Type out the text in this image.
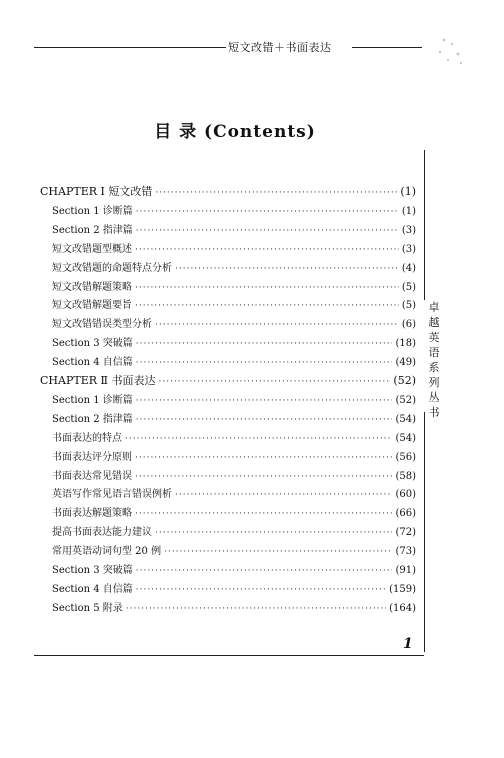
短文改错＋书面表达
目 录 (Contents)
CHAPTER Ⅰ 短文改错 ·····	(1)
Section 1 诊断篇 ·····	(1)
Section 2 指津篇 ·····	(3)
短文改错题型概述 ·····	(3)
短文改错题的命题特点分析 ·····	(4)
短文改错解题策略 ·····	(5)
短文改错解题要旨 ·····	(5)
短文改错错误类型分析 ·····	(6)
Section 3 突破篇 ·····	(18)
Section 4 自信篇 ·····	(49)
CHAPTER Ⅱ 书面表达 ·····	(52)
Section 1 诊断篇 ·····	(52)
Section 2 指津篇 ·····	(54)
书面表达的特点 ·····	(54)
书面表达评分原则 ·····	(56)
书面表达常见错误 ·····	(58)
英语写作常见语言错误例析 ·····	(60)
书面表达解题策略 ·····	(66)
提高书面表达能力建议 ·····	(72)
常用英语动词句型 20 例 ·····	(73)
Section 3 突破篇 ·····	(91)
Section 4 自信篇 ·····	(159)
Section 5 附录 ·····	(164)
卓
越
英
语
系
列
丛
书
1
